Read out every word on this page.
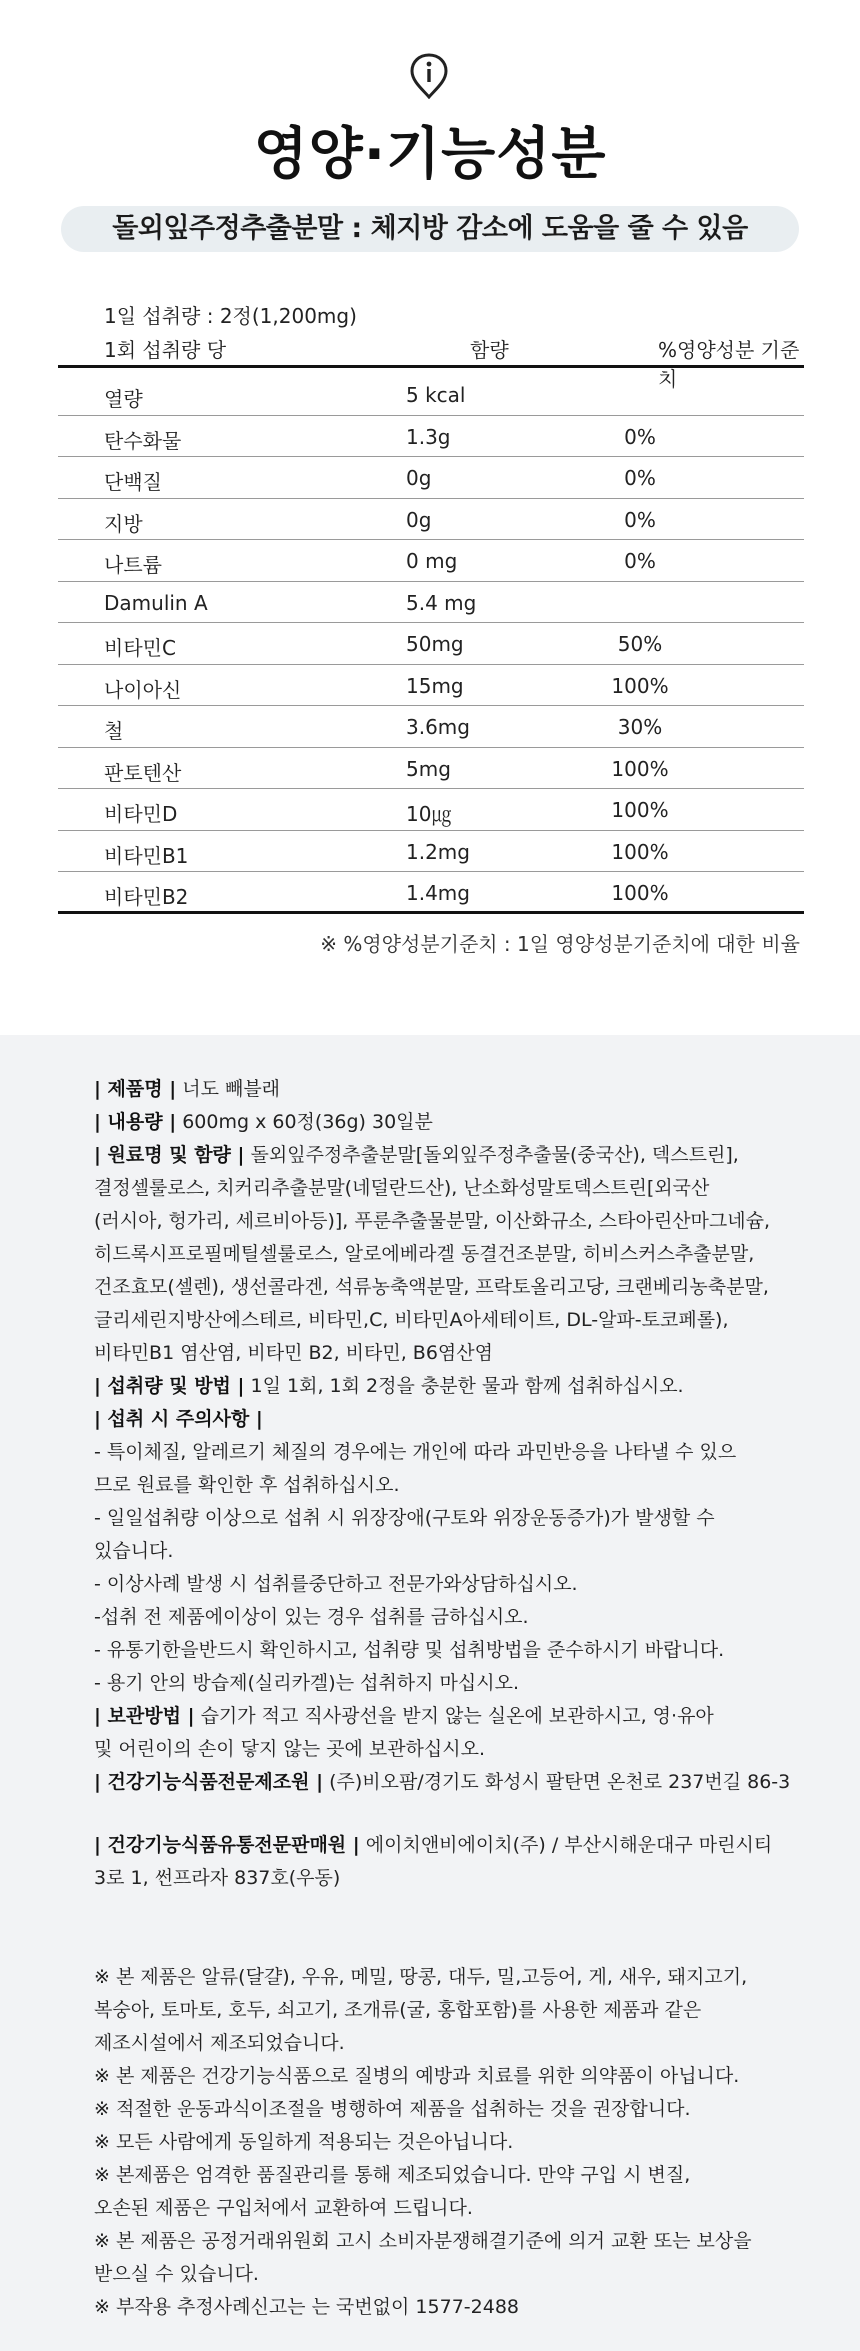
영양·기능성분
돌외잎주정추출분말 : 체지방 감소에 도움을 줄 수 있음
1일 섭취량 : 2정(1,200mg)
1회 섭취량 당	함량	%영양성분 기준치
열량	5 kcal
탄수화물	1.3g	0%
단백질	0g	0%
지방	0g	0%
나트륨	0 mg	0%
Damulin A	5.4 mg
비타민C	50mg	50%
나이아신	15mg	100%
철	3.6mg	30%
판토텐산	5mg	100%
비타민D	10㎍	100%
비타민B1	1.2mg	100%
비타민B2	1.4mg	100%
※ %영양성분기준치 : 1일 영양성분기준치에 대한 비율

| 제품명 | 너도 빼블래

| 내용량 | 600mg x 60정(36g) 30일분

| 원료명 및 함량 | 돌외잎주정추출분말[돌외잎주정추출물(중국산), 덱스트린],

결정셀룰로스, 치커리추출분말(네덜란드산), 난소화성말토덱스트린[외국산

(러시아, 헝가리, 세르비아등)], 푸룬추출물분말, 이산화규소, 스타아린산마그네슘,

히드록시프로필메틸셀룰로스, 알로에베라겔 동결건조분말, 히비스커스추출분말,

건조효모(셀렌), 생선콜라겐, 석류농축액분말, 프락토올리고당, 크랜베리농축분말,

글리세린지방산에스테르, 비타민,C, 비타민A아세테이트, DL-알파-토코페롤),

비타민B1 염산염, 비타민 B2, 비타민, B6염산염

| 섭취량 및 방법 | 1일 1회, 1회 2정을 충분한 물과 함께 섭취하십시오.

| 섭취 시 주의사항 |

- 특이체질, 알레르기 체질의 경우에는 개인에 따라 과민반응을 나타낼 수 있으

므로 원료를 확인한 후 섭취하십시오.

- 일일섭취량 이상으로 섭취 시 위장장애(구토와 위장운동증가)가 발생할 수

있습니다.

- 이상사례 발생 시 섭취를중단하고 전문가와상담하십시오.

-섭취 전 제품에이상이 있는 경우 섭취를 금하십시오.

- 유통기한을반드시 확인하시고, 섭취량 및 섭취방법을 준수하시기 바랍니다.

- 용기 안의 방습제(실리카겔)는 섭취하지 마십시오.

| 보관방법 | 습기가 적고 직사광선을 받지 않는 실온에 보관하시고, 영·유아

및 어린이의 손이 닿지 않는 곳에 보관하십시오.

| 건강기능식품전문제조원 | (주)비오팜/경기도 화성시 팔탄면 온천로 237번길 86-3

| 건강기능식품유통전문판매원 | 에이치앤비에이치(주) / 부산시해운대구 마린시티

3로 1, 썬프라자 837호(우동)

※ 본 제품은 알류(달걀), 우유, 메밀, 땅콩, 대두, 밀,고등어, 게, 새우, 돼지고기,

복숭아, 토마토, 호두, 쇠고기, 조개류(굴, 홍합포함)를 사용한 제품과 같은

제조시설에서 제조되었습니다.

※ 본 제품은 건강기능식품으로 질병의 예방과 치료를 위한 의약품이 아닙니다.

※ 적절한 운동과식이조절을 병행하여 제품을 섭취하는 것을 권장합니다.

※ 모든 사람에게 동일하게 적용되는 것은아닙니다.

※ 본제품은 엄격한 품질관리를 통해 제조되었습니다. 만약 구입 시 변질,

오손된 제품은 구입처에서 교환하여 드립니다.

※ 본 제품은 공정거래위원회 고시 소비자분쟁해결기준에 의거 교환 또는 보상을

받으실 수 있습니다.

※ 부작용 추정사례신고는 는 국번없이 1577-2488
